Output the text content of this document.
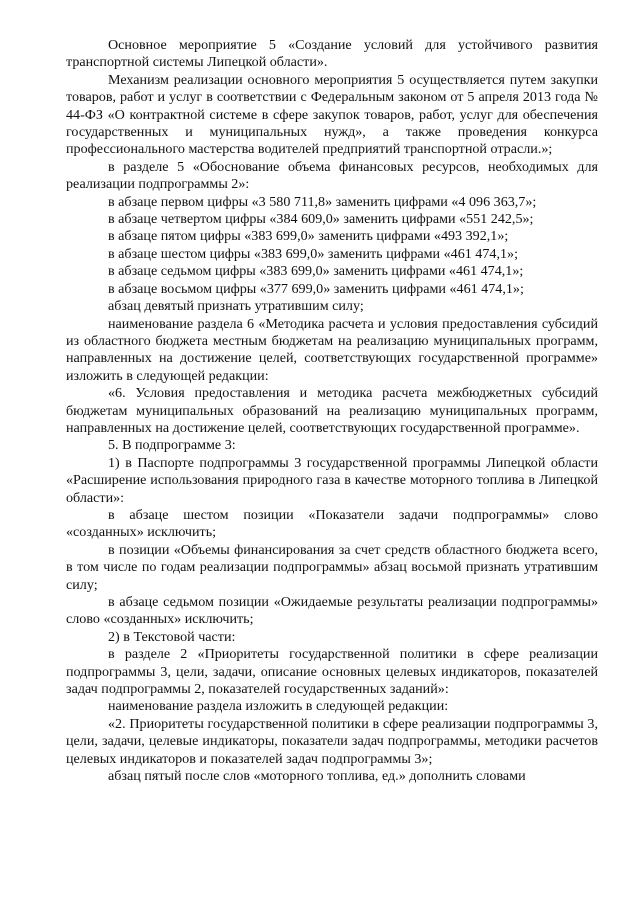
Основное мероприятие 5 «Создание условий для устойчивого развития транспортной системы Липецкой области».

Механизм реализации основного мероприятия 5 осуществляется путем закупки товаров, работ и услуг в соответствии с Федеральным законом от 5 апреля 2013 года № 44-ФЗ «О контрактной системе в сфере закупок товаров, работ, услуг для обеспечения государственных и муниципальных нужд», а также проведения конкурса профессионального мастерства водителей предприятий транспортной отрасли.»;

в разделе 5 «Обоснование объема финансовых ресурсов, необходимых для реализации подпрограммы 2»:

в абзаце первом цифры «3 580 711,8» заменить цифрами «4 096 363,7»;

в абзаце четвертом цифры «384 609,0» заменить цифрами «551 242,5»;

в абзаце пятом цифры «383 699,0» заменить цифрами «493 392,1»;

в абзаце шестом цифры «383 699,0» заменить цифрами «461 474,1»;

в абзаце седьмом цифры «383 699,0» заменить цифрами «461 474,1»;

в абзаце восьмом цифры «377 699,0» заменить цифрами «461 474,1»;

абзац девятый признать утратившим силу;

наименование раздела 6 «Методика расчета и условия предоставления субсидий из областного бюджета местным бюджетам на реализацию муниципальных программ, направленных на достижение целей, соответствующих государственной программе» изложить в следующей редакции:

«6. Условия предоставления и методика расчета межбюджетных субсидий бюджетам муниципальных образований на реализацию муниципальных программ, направленных на достижение целей, соответствующих государственной программе».

5. В подпрограмме 3:

1) в Паспорте подпрограммы 3 государственной программы Липецкой области «Расширение использования природного газа в качестве моторного топлива в Липецкой области»:

в абзаце шестом позиции «Показатели задачи подпрограммы» слово «созданных» исключить;

в позиции «Объемы финансирования за счет средств областного бюджета всего, в том числе по годам реализации подпрограммы» абзац восьмой признать утратившим силу;

в абзаце седьмом позиции «Ожидаемые результаты реализации подпрограммы» слово «созданных» исключить;

2) в Текстовой части:

в разделе 2 «Приоритеты государственной политики в сфере реализации подпрограммы 3, цели, задачи, описание основных целевых индикаторов, показателей задач подпрограммы 2, показателей государственных заданий»:

наименование раздела изложить в следующей редакции:

«2. Приоритеты государственной политики в сфере реализации подпрограммы 3, цели, задачи, целевые индикаторы, показатели задач подпрограммы, методики расчетов целевых индикаторов и показателей задач подпрограммы 3»;

абзац пятый после слов «моторного топлива, ед.» дополнить словами
